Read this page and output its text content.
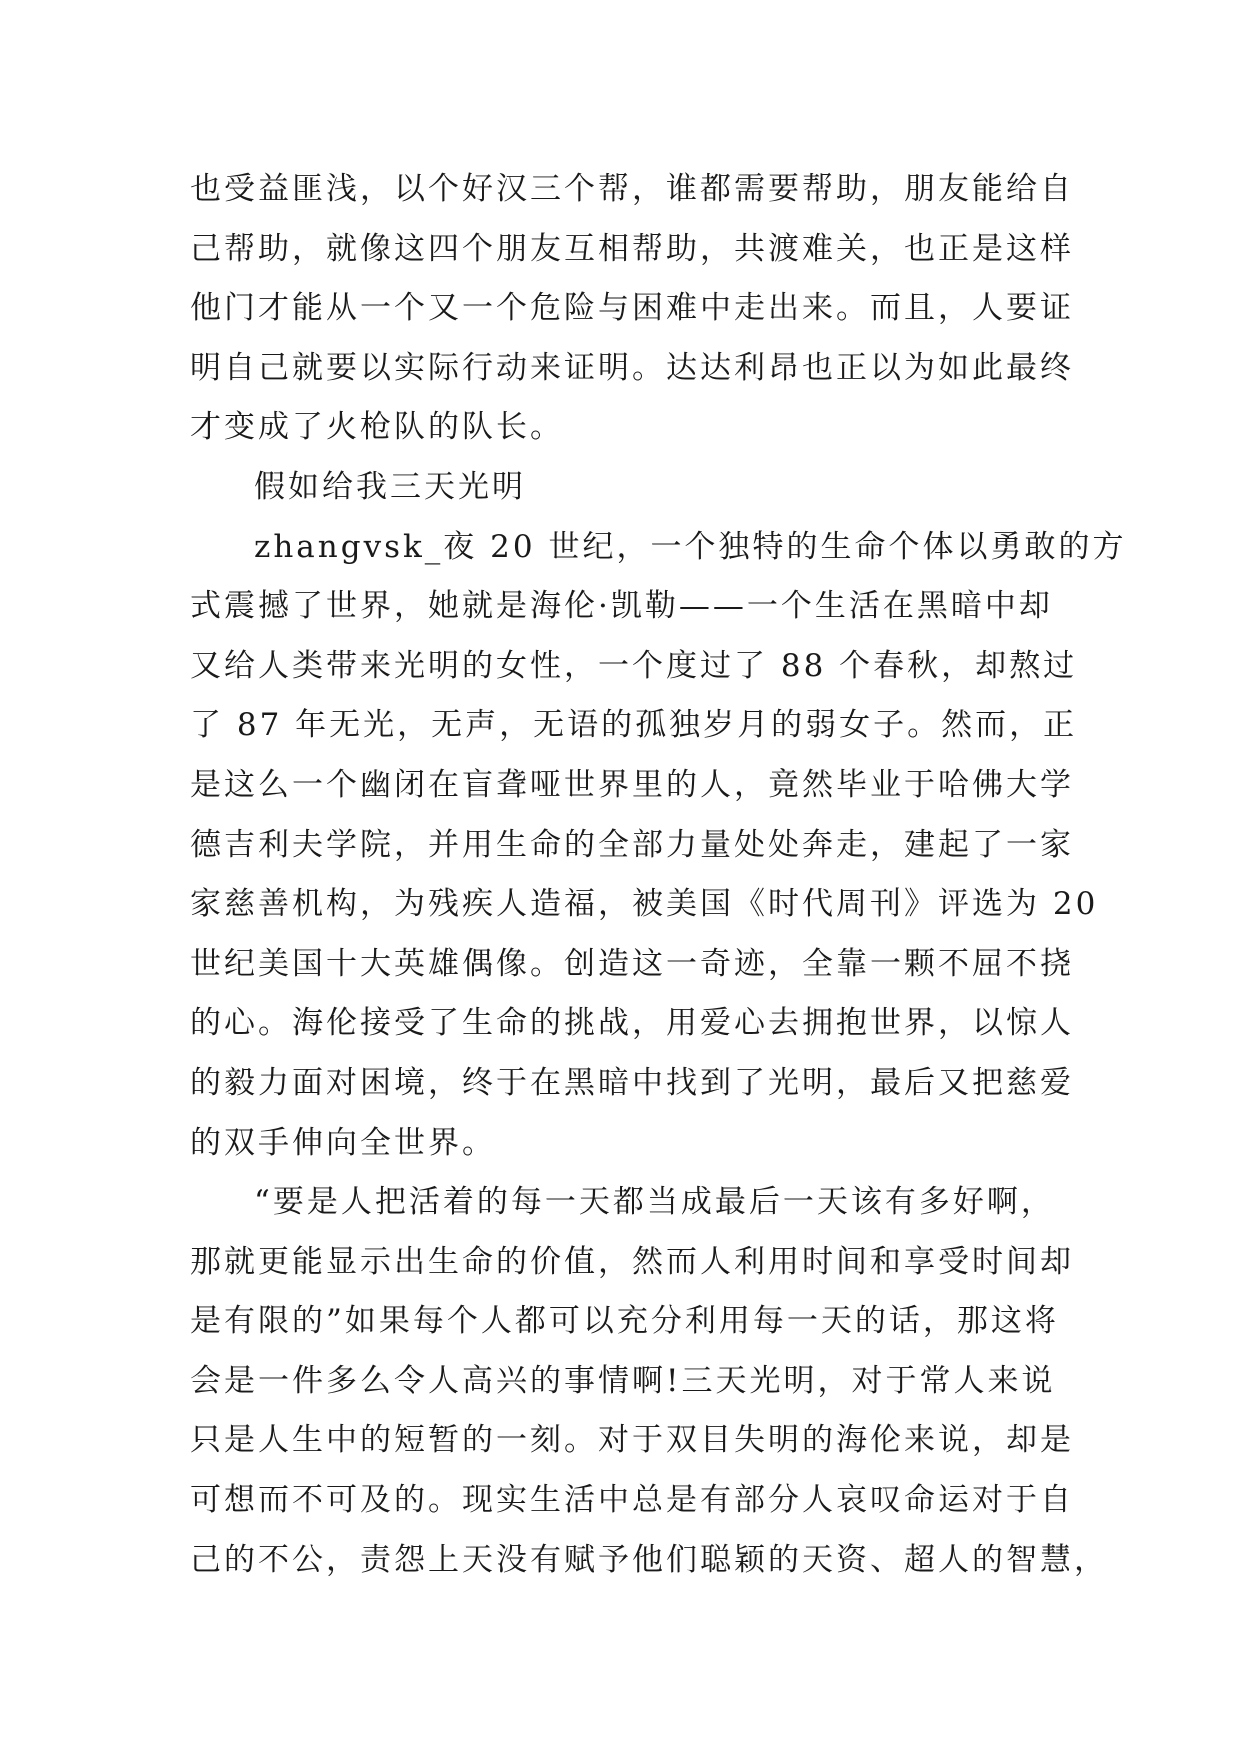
也受益匪浅，以个好汉三个帮，谁都需要帮助，朋友能给自
己帮助，就像这四个朋友互相帮助，共渡难关，也正是这样
他门才能从一个又一个危险与困难中走出来。而且，人要证
明自己就要以实际行动来证明。达达利昂也正以为如此最终
才变成了火枪队的队长。
假如给我三天光明
zhangvsk_夜 20 世纪，一个独特的生命个体以勇敢的方
式震撼了世界，她就是海伦·凯勒——一个生活在黑暗中却
又给人类带来光明的女性，一个度过了 88 个春秋，却熬过
了 87 年无光，无声，无语的孤独岁月的弱女子。然而，正
是这么一个幽闭在盲聋哑世界里的人，竟然毕业于哈佛大学
德吉利夫学院，并用生命的全部力量处处奔走，建起了一家
家慈善机构，为残疾人造福，被美国《时代周刊》评选为 20
世纪美国十大英雄偶像。创造这一奇迹，全靠一颗不屈不挠
的心。海伦接受了生命的挑战，用爱心去拥抱世界，以惊人
的毅力面对困境，终于在黑暗中找到了光明，最后又把慈爱
的双手伸向全世界。
“要是人把活着的每一天都当成最后一天该有多好啊，
那就更能显示出生命的价值，然而人利用时间和享受时间却
是有限的”如果每个人都可以充分利用每一天的话，那这将
会是一件多么令人高兴的事情啊!三天光明，对于常人来说
只是人生中的短暂的一刻。对于双目失明的海伦来说，却是
可想而不可及的。现实生活中总是有部分人哀叹命运对于自
己的不公，责怨上天没有赋予他们聪颖的天资、超人的智慧，
